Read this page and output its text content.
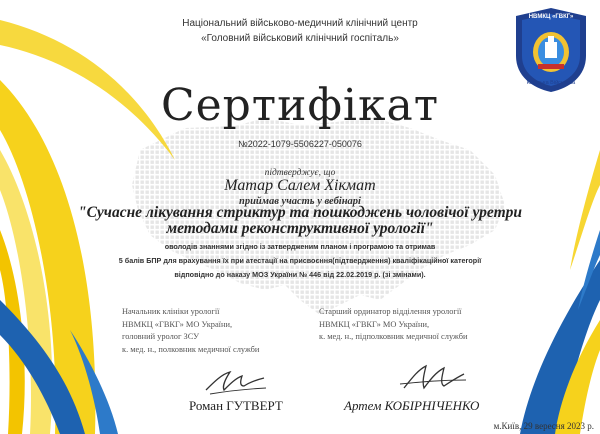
НВМКЦ «ГВКГ»
Київська Військова
Національний військово-медичний клінічний центр
«Головний військовий клінічний госпіталь»
Сертифікат
№2022-1079-5506227-050076
підтверджує, що
Матар Салем Хікмат
приймав участь у вебінарі
"Сучасне лікування стриктур та пошкоджень чоловічої уретри
методами реконструктивної урології"
оволодів знаннями згідно із затвердженим планом і програмою та отримав
5 балів БПР для врахування їх при атестації на присвоєння(підтвердження) кваліфікаційної категорії
відповідно до наказу МОЗ України № 446 від 22.02.2019 р. (зі змінами).
Начальник клініки урології
НВМКЦ «ГВКГ» МО України,
головний уролог ЗСУ
к. мед. н., полковник медичної служби
Роман ГУТВЕРТ
Старший ординатор відділення урології
НВМКЦ «ГВКГ» МО України,
к. мед. н., підполковник медичної служби
Артем КОБІРНІЧЕНКО
м.Київ, 29 вересня 2023 р.
